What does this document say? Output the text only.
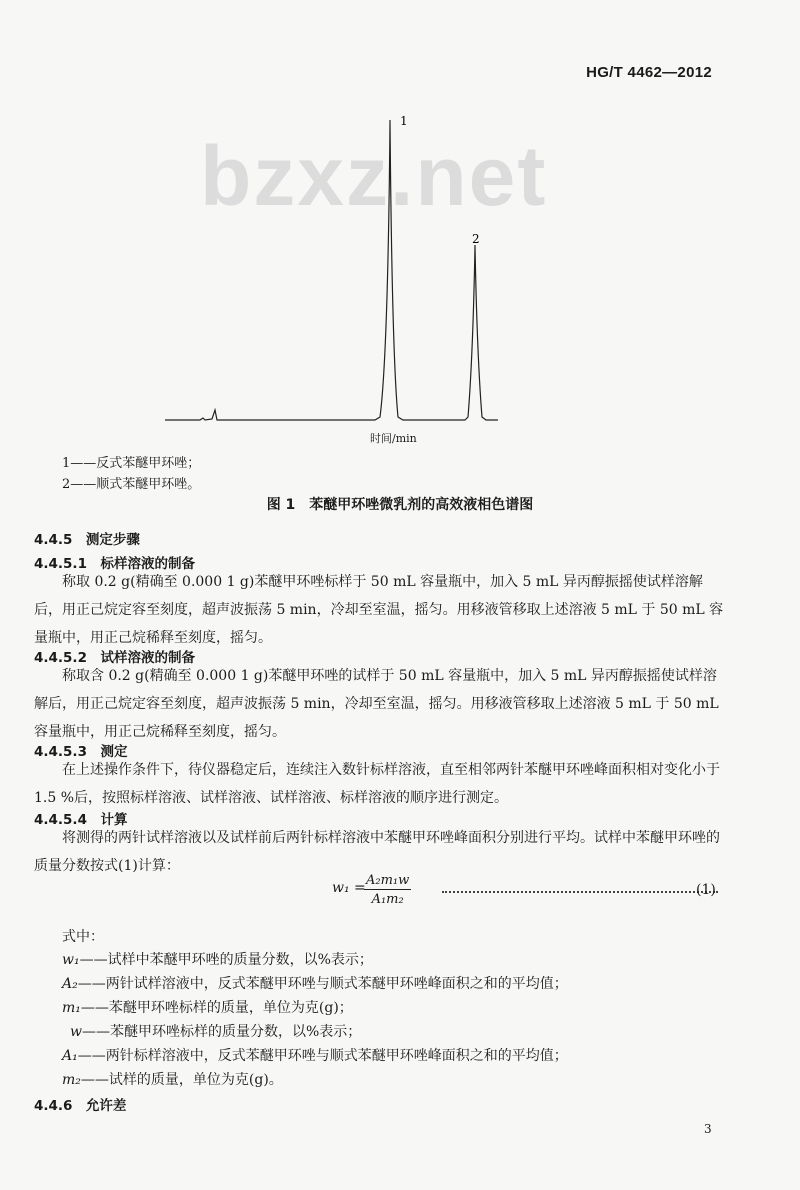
HG/T 4462—2012
bzxz.net
1
2
时间/min
1——反式苯醚甲环唑；
2——顺式苯醚甲环唑。
图 1　苯醚甲环唑微乳剂的高效液相色谱图
4.4.5　测定步骤
4.4.5.1　标样溶液的制备
称取 0.2 g(精确至 0.000 1 g)苯醚甲环唑标样于 50 mL 容量瓶中，加入 5 mL 异丙醇振摇使试样溶解后，用正己烷定容至刻度，超声波振荡 5 min，冷却至室温，摇匀。用移液管移取上述溶液 5 mL 于 50 mL 容量瓶中，用正己烷稀释至刻度，摇匀。
4.4.5.2　试样溶液的制备
称取含 0.2 g(精确至 0.000 1 g)苯醚甲环唑的试样于 50 mL 容量瓶中，加入 5 mL 异丙醇振摇使试样溶解后，用正己烷定容至刻度，超声波振荡 5 min，冷却至室温，摇匀。用移液管移取上述溶液 5 mL 于 50 mL 容量瓶中，用正己烷稀释至刻度，摇匀。
4.4.5.3　测定
在上述操作条件下，待仪器稳定后，连续注入数针标样溶液，直至相邻两针苯醚甲环唑峰面积相对变化小于 1.5 %后，按照标样溶液、试样溶液、试样溶液、标样溶液的顺序进行测定。
4.4.5.4　计算
将测得的两针试样溶液以及试样前后两针标样溶液中苯醚甲环唑峰面积分别进行平均。试样中苯醚甲环唑的质量分数按式(1)计算：
w₁ =
$\frac{\text{A₂m₁w}}{\text{A₁m₂}}$	(1)
式中：
w₁——试样中苯醚甲环唑的质量分数，以%表示；
A₂——两针试样溶液中，反式苯醚甲环唑与顺式苯醚甲环唑峰面积之和的平均值；
m₁——苯醚甲环唑标样的质量，单位为克(g)；
w——苯醚甲环唑标样的质量分数，以%表示；
A₁——两针标样溶液中，反式苯醚甲环唑与顺式苯醚甲环唑峰面积之和的平均值；
m₂——试样的质量，单位为克(g)。
4.4.6　允许差
3
